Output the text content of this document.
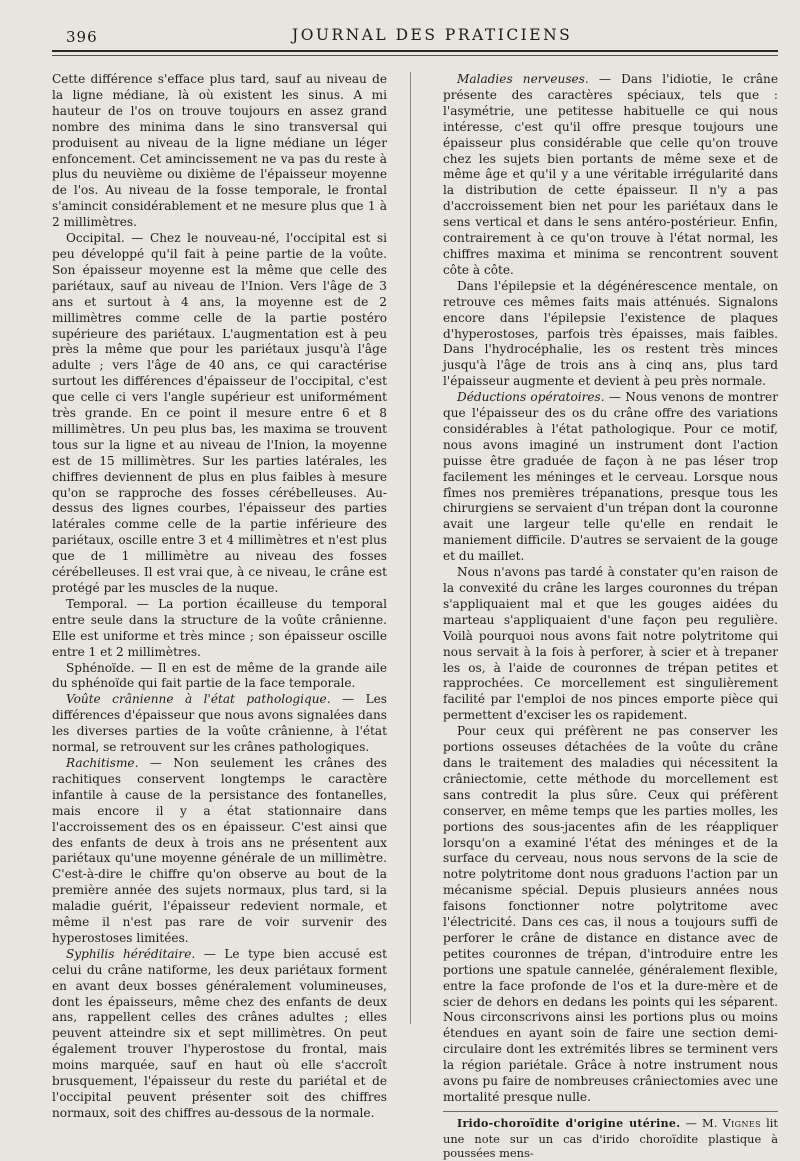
396	JOURNAL DES PRATICIENS

Cette différence s'efface plus tard, sauf au niveau de la ligne médiane, là où existent les sinus. A mi hauteur de l'os on trouve toujours en assez grand nombre des minima dans le sino transversal qui produisent au niveau de la ligne médiane un léger enfoncement. Cet amincissement ne va pas du reste à plus du neuvième ou dixième de l'épaisseur moyenne de l'os. Au niveau de la fosse temporale, le frontal s'amincit considérablement et ne mesure plus que 1 à 2 millimètres.

Occipital. — Chez le nouveau-né, l'occipital est si peu développé qu'il fait à peine partie de la voûte. Son épaisseur moyenne est la même que celle des pariétaux, sauf au niveau de l'Inion. Vers l'âge de 3 ans et surtout à 4 ans, la moyenne est de 2 millimètres comme celle de la partie postéro supérieure des pariétaux. L'augmentation est à peu près la même que pour les pariétaux jusqu'à l'âge adulte ; vers l'âge de 40 ans, ce qui caractérise surtout les différences d'épaisseur de l'occipital, c'est que celle ci vers l'angle supérieur est uniformément très grande. En ce point il mesure entre 6 et 8 millimètres. Un peu plus bas, les maxima se trouvent tous sur la ligne et au niveau de l'Inion, la moyenne est de 15 millimètres. Sur les parties latérales, les chiffres deviennent de plus en plus faibles à mesure qu'on se rapproche des fosses cérébelleuses. Au-dessus des lignes courbes, l'épaisseur des parties latérales comme celle de la partie inférieure des pariétaux, oscille entre 3 et 4 millimètres et n'est plus que de 1 millimètre au niveau des fosses cérébelleuses. Il est vrai que, à ce niveau, le crâne est protégé par les muscles de la nuque.

Temporal. — La portion écailleuse du temporal entre seule dans la structure de la voûte crânienne. Elle est uniforme et très mince ; son épaisseur oscille entre 1 et 2 millimètres.

Sphénoïde. — Il en est de même de la grande aile du sphénoïde qui fait partie de la face temporale.

Voûte crânienne à l'état pathologique. — Les différences d'épaisseur que nous avons signalées dans les diverses parties de la voûte crânienne, à l'état normal, se retrouvent sur les crânes pathologiques.

Rachitisme. — Non seulement les crânes des rachitiques conservent longtemps le caractère infantile à cause de la persistance des fontanelles, mais encore il y a état stationnaire dans l'accroissement des os en épaisseur. C'est ainsi que des enfants de deux à trois ans ne présentent aux pariétaux qu'une moyenne générale de un millimètre. C'est-à-dire le chiffre qu'on observe au bout de la première année des sujets normaux, plus tard, si la maladie guérit, l'épaisseur redevient normale, et même il n'est pas rare de voir survenir des hyperostoses limitées.

Syphilis héréditaire. — Le type bien accusé est celui du crâne natiforme, les deux pariétaux forment en avant deux bosses généralement volumineuses, dont les épaisseurs, même chez des enfants de deux ans, rappellent celles des crânes adultes ; elles peuvent atteindre six et sept millimètres. On peut également trouver l'hyperostose du frontal, mais moins marquée, sauf en haut où elle s'accroît brusquement, l'épaisseur du reste du pariétal et de l'occipital peuvent présenter soit des chiffres normaux, soit des chiffres au-dessous de la normale.

Maladies nerveuses. — Dans l'idiotie, le crâne présente des caractères spéciaux, tels que : l'asymétrie, une petitesse habituelle ce qui nous intéresse, c'est qu'il offre presque toujours une épaisseur plus considérable que celle qu'on trouve chez les sujets bien portants de même sexe et de même âge et qu'il y a une véritable irrégularité dans la distribution de cette épaisseur. Il n'y a pas d'accroissement bien net pour les pariétaux dans le sens vertical et dans le sens antéro-postérieur. Enfin, contrairement à ce qu'on trouve à l'état normal, les chiffres maxima et minima se rencontrent souvent côte à côte.

Dans l'épilepsie et la dégénérescence mentale, on retrouve ces mêmes faits mais atténués. Signalons encore dans l'épilepsie l'existence de plaques d'hyperostoses, parfois très épaisses, mais faibles. Dans l'hydrocéphalie, les os restent très minces jusqu'à l'âge de trois ans à cinq ans, plus tard l'épaisseur augmente et devient à peu près normale.

Déductions opératoires. — Nous venons de montrer que l'épaisseur des os du crâne offre des variations considérables à l'état pathologique. Pour ce motif, nous avons imaginé un instrument dont l'action puisse être graduée de façon à ne pas léser trop facilement les méninges et le cerveau. Lorsque nous fîmes nos premières trépanations, presque tous les chirurgiens se servaient d'un trépan dont la couronne avait une largeur telle qu'elle en rendait le maniement difficile. D'autres se servaient de la gouge et du maillet.

Nous n'avons pas tardé à constater qu'en raison de la convexité du crâne les larges couronnes du trépan s'appliquaient mal et que les gouges aidées du marteau s'appliquaient d'une façon peu regulière. Voilà pourquoi nous avons fait notre polytritome qui nous servait à la fois à perforer, à scier et à trepaner les os, à l'aide de couronnes de trépan petites et rapprochées. Ce morcellement est singulièrement facilité par l'emploi de nos pinces emporte pièce qui permettent d'exciser les os rapidement.

Pour ceux qui préfèrent ne pas conserver les portions osseuses détachées de la voûte du crâne dans le traitement des maladies qui nécessitent la crâniectomie, cette méthode du morcellement est sans contredit la plus sûre. Ceux qui préfèrent conserver, en même temps que les parties molles, les portions des sous-jacentes afin de les réappliquer lorsqu'on a examiné l'état des méninges et de la surface du cerveau, nous nous servons de la scie de notre polytritome dont nous graduons l'action par un mécanisme spécial. Depuis plusieurs années nous faisons fonctionner notre polytritome avec l'électricité. Dans ces cas, il nous a toujours suffi de perforer le crâne de distance en distance avec de petites couronnes de trépan, d'introduire entre les portions une spatule cannelée, généralement flexible, entre la face profonde de l'os et la dure-mère et de scier de dehors en dedans les points qui les séparent. Nous circonscrivons ainsi les portions plus ou moins étendues en ayant soin de faire une section demi-circulaire dont les extrémités libres se terminent vers la région pariétale. Grâce à notre instrument nous avons pu faire de nombreuses crâniectomies avec une mortalité presque nulle.

Irido-choroïdite d'origine utérine. — M. Vignes lit une note sur un cas d'irido choroïdite plastique à poussées mens-
